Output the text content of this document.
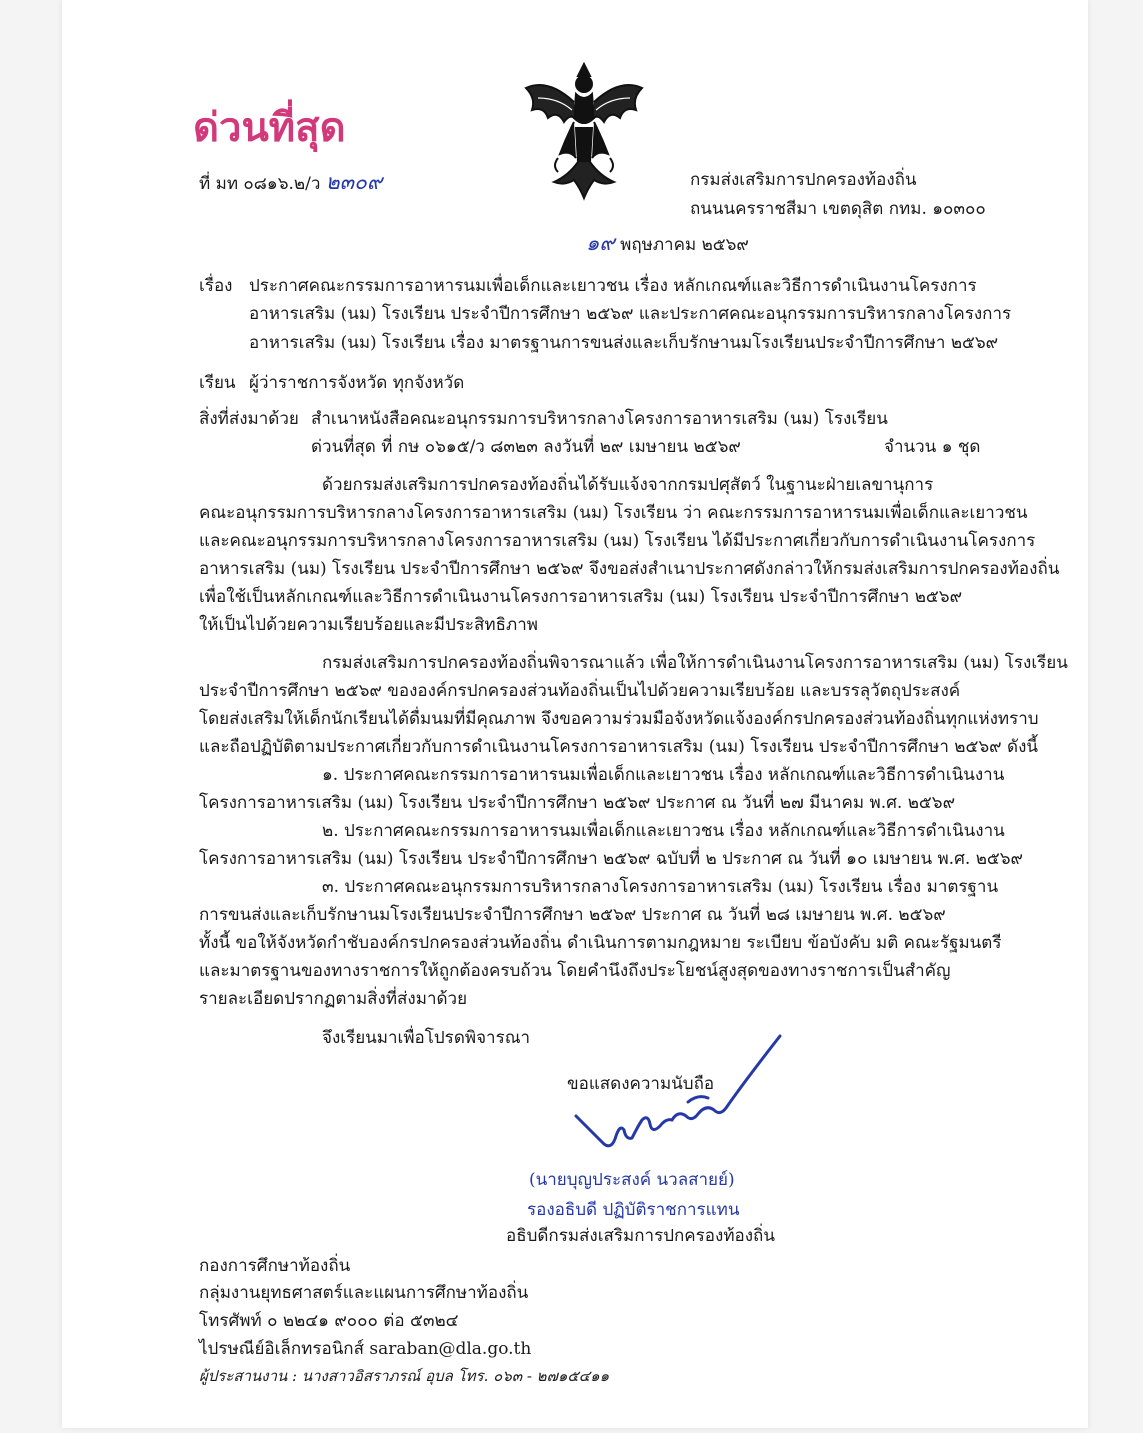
ด่วนที่สุด
ที่ มท ๐๘๑๖.๒/ว ๒๓๐๙	กรมส่งเสริมการปกครองท้องถิ่น
ถนนนครราชสีมา เขตดุสิต กทม. ๑๐๓๐๐
๑๙ พฤษภาคม ๒๕๖๙
เรื่อง ประกาศคณะกรรมการอาหารนมเพื่อเด็กและเยาวชน เรื่อง หลักเกณฑ์และวิธีการดำเนินงานโครงการ
อาหารเสริม (นม) โรงเรียน ประจำปีการศึกษา ๒๕๖๙ และประกาศคณะอนุกรรมการบริหารกลางโครงการ
อาหารเสริม (นม) โรงเรียน เรื่อง มาตรฐานการขนส่งและเก็บรักษานมโรงเรียนประจำปีการศึกษา ๒๕๖๙
เรียน ผู้ว่าราชการจังหวัด ทุกจังหวัด
สิ่งที่ส่งมาด้วย สำเนาหนังสือคณะอนุกรรมการบริหารกลางโครงการอาหารเสริม (นม) โรงเรียน
ด่วนที่สุด ที่ กษ ๐๖๑๕/ว ๘๓๒๓ ลงวันที่ ๒๙ เมษายน ๒๕๖๙	จำนวน ๑ ชุด
ด้วยกรมส่งเสริมการปกครองท้องถิ่นได้รับแจ้งจากกรมปศุสัตว์ ในฐานะฝ่ายเลขานุการ
คณะอนุกรรมการบริหารกลางโครงการอาหารเสริม (นม) โรงเรียน ว่า คณะกรรมการอาหารนมเพื่อเด็กและเยาวชน
และคณะอนุกรรมการบริหารกลางโครงการอาหารเสริม (นม) โรงเรียน ได้มีประกาศเกี่ยวกับการดำเนินงานโครงการ
อาหารเสริม (นม) โรงเรียน ประจำปีการศึกษา ๒๕๖๙ จึงขอส่งสำเนาประกาศดังกล่าวให้กรมส่งเสริมการปกครองท้องถิ่น
เพื่อใช้เป็นหลักเกณฑ์และวิธีการดำเนินงานโครงการอาหารเสริม (นม) โรงเรียน ประจำปีการศึกษา ๒๕๖๙
ให้เป็นไปด้วยความเรียบร้อยและมีประสิทธิภาพ
กรมส่งเสริมการปกครองท้องถิ่นพิจารณาแล้ว เพื่อให้การดำเนินงานโครงการอาหารเสริม (นม) โรงเรียน
ประจำปีการศึกษา ๒๕๖๙ ขององค์กรปกครองส่วนท้องถิ่นเป็นไปด้วยความเรียบร้อย และบรรลุวัตถุประสงค์
โดยส่งเสริมให้เด็กนักเรียนได้ดื่มนมที่มีคุณภาพ จึงขอความร่วมมือจังหวัดแจ้งองค์กรปกครองส่วนท้องถิ่นทุกแห่งทราบ
และถือปฏิบัติตามประกาศเกี่ยวกับการดำเนินงานโครงการอาหารเสริม (นม) โรงเรียน ประจำปีการศึกษา ๒๕๖๙ ดังนี้
๑. ประกาศคณะกรรมการอาหารนมเพื่อเด็กและเยาวชน เรื่อง หลักเกณฑ์และวิธีการดำเนินงาน
โครงการอาหารเสริม (นม) โรงเรียน ประจำปีการศึกษา ๒๕๖๙ ประกาศ ณ วันที่ ๒๗ มีนาคม พ.ศ. ๒๕๖๙
๒. ประกาศคณะกรรมการอาหารนมเพื่อเด็กและเยาวชน เรื่อง หลักเกณฑ์และวิธีการดำเนินงาน
โครงการอาหารเสริม (นม) โรงเรียน ประจำปีการศึกษา ๒๕๖๙ ฉบับที่ ๒ ประกาศ ณ วันที่ ๑๐ เมษายน พ.ศ. ๒๕๖๙
๓. ประกาศคณะอนุกรรมการบริหารกลางโครงการอาหารเสริม (นม) โรงเรียน เรื่อง มาตรฐาน
การขนส่งและเก็บรักษานมโรงเรียนประจำปีการศึกษา ๒๕๖๙ ประกาศ ณ วันที่ ๒๘ เมษายน พ.ศ. ๒๕๖๙
ทั้งนี้ ขอให้จังหวัดกำชับองค์กรปกครองส่วนท้องถิ่น ดำเนินการตามกฎหมาย ระเบียบ ข้อบังคับ มติ คณะรัฐมนตรี
และมาตรฐานของทางราชการให้ถูกต้องครบถ้วน โดยคำนึงถึงประโยชน์สูงสุดของทางราชการเป็นสำคัญ
รายละเอียดปรากฏตามสิ่งที่ส่งมาด้วย
จึงเรียนมาเพื่อโปรดพิจารณา
ขอแสดงความนับถือ
(นายบุญประสงค์ นวลสายย์)
รองอธิบดี ปฏิบัติราชการแทน
อธิบดีกรมส่งเสริมการปกครองท้องถิ่น
กองการศึกษาท้องถิ่น
กลุ่มงานยุทธศาสตร์และแผนการศึกษาท้องถิ่น
โทรศัพท์ ๐ ๒๒๔๑ ๙๐๐๐ ต่อ ๕๓๒๔
ไปรษณีย์อิเล็กทรอนิกส์ saraban@dla.go.th
ผู้ประสานงาน : นางสาวอิสราภรณ์ อุบล โทร. ๐๖๓ - ๒๗๑๕๔๑๑
